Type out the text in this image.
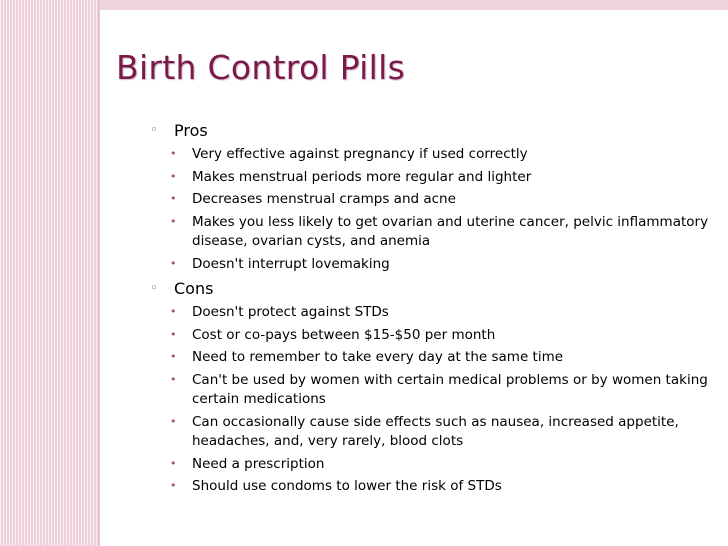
Birth Control Pills
◦ Pros
• Very effective against pregnancy if used correctly
• Makes menstrual periods more regular and lighter
• Decreases menstrual cramps and acne
• Makes you less likely to get ovarian and uterine cancer, pelvic inflammatory disease, ovarian cysts, and anemia
• Doesn't interrupt lovemaking
◦ Cons
• Doesn't protect against STDs
• Cost or co-pays between $15-$50 per month
• Need to remember to take every day at the same time
• Can't be used by women with certain medical problems or by women taking certain medications
• Can occasionally cause side effects such as nausea, increased appetite, headaches, and, very rarely, blood clots
• Need a prescription
• Should use condoms to lower the risk of STDs
